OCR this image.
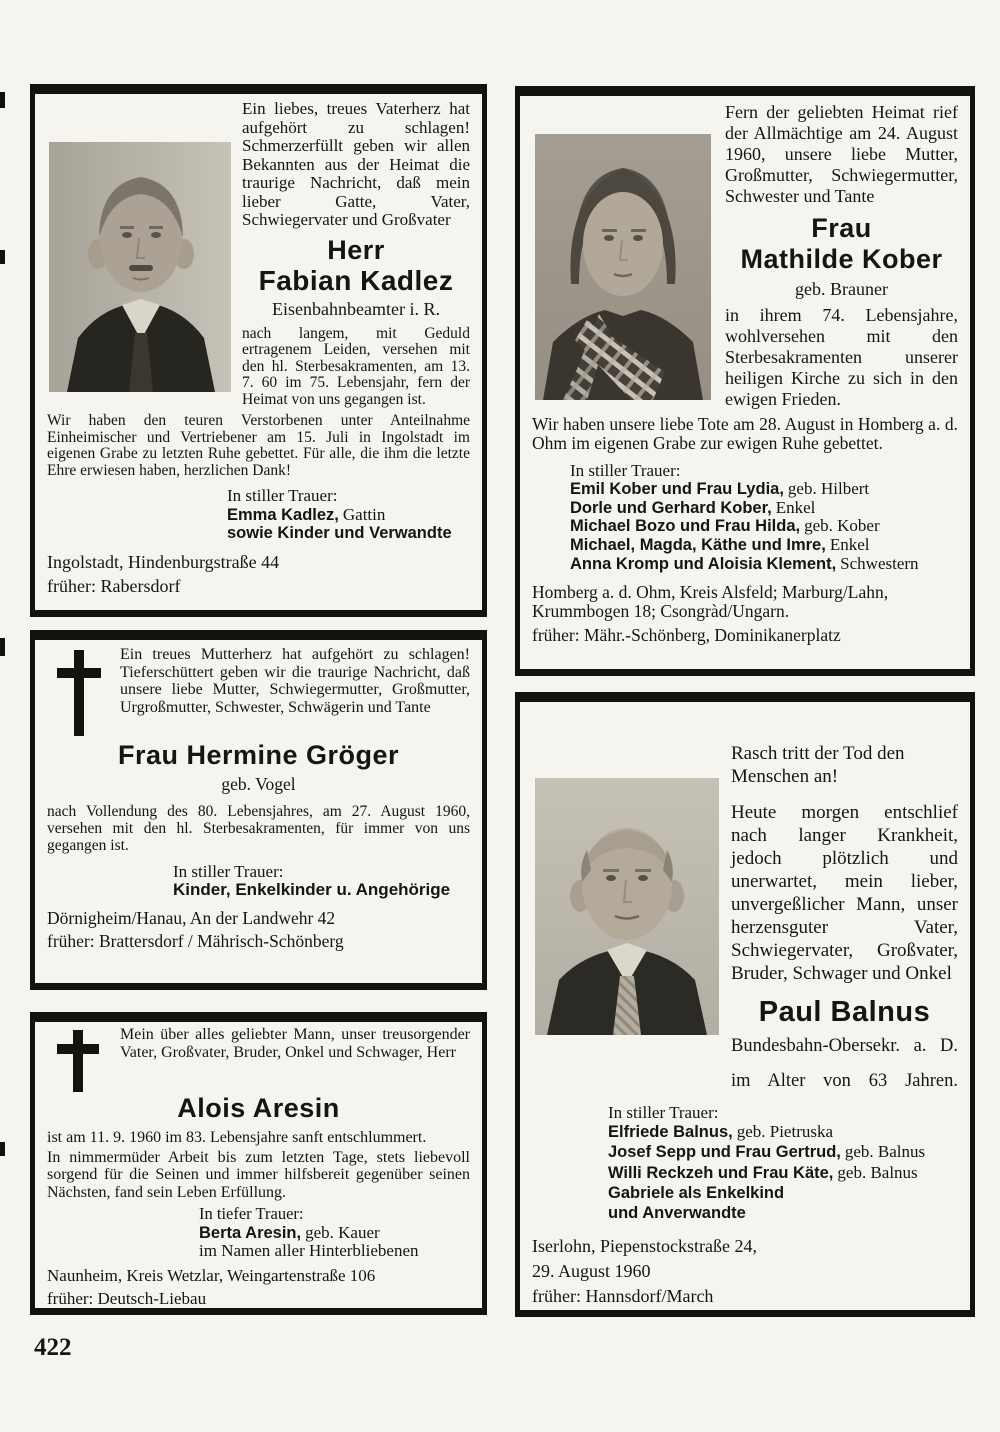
Ein liebes, treues Vaterherz hat aufgehört zu schlagen! Schmerzerfüllt geben wir allen Bekannten aus der Heimat die traurige Nachricht, daß mein lieber Gatte, Vater, Schwiegervater und Großvater

Herr
Fabian Kadlez
Eisenbahnbeamter i. R.

nach langem, mit Geduld ertragenem Leiden, versehen mit den hl. Sterbesakramenten, am 13. 7. 60 im 75. Lebensjahr, fern der Heimat von uns gegangen ist.

Wir haben den teuren Verstorbenen unter Anteilnahme Einheimischer und Vertriebener am 15. Juli in Ingolstadt im eigenen Grabe zu letzten Ruhe gebettet. Für alle, die ihm die letzte Ehre erwiesen haben, herzlichen Dank!

In stiller Trauer:
Emma Kadlez, Gattin
sowie Kinder und Verwandte
Ingolstadt, Hindenburgstraße 44
früher: Rabersdorf

Fern der geliebten Heimat rief der Allmächtige am 24. August 1960, unsere liebe Mutter, Großmutter, Schwiegermutter, Schwester und Tante

Frau
Mathilde Kober
geb. Brauner

in ihrem 74. Lebensjahre, wohlversehen mit den Sterbesakramenten unserer heiligen Kirche zu sich in den ewigen Frieden.

Wir haben unsere liebe Tote am 28. August in Homberg a. d. Ohm im eigenen Grabe zur ewigen Ruhe gebettet.

In stiller Trauer:
Emil Kober und Frau Lydia, geb. Hilbert
Dorle und Gerhard Kober, Enkel
Michael Bozo und Frau Hilda, geb. Kober
Michael, Magda, Käthe und Imre, Enkel
Anna Kromp und Aloisia Klement, Schwestern
Homberg a. d. Ohm, Kreis Alsfeld; Marburg/Lahn, Krummbogen 18; Csongràd/Ungarn.
früher: Mähr.-Schönberg, Dominikanerplatz

Ein treues Mutterherz hat aufgehört zu schlagen! Tieferschüttert geben wir die traurige Nachricht, daß unsere liebe Mutter, Schwiegermutter, Großmutter, Urgroßmutter, Schwester, Schwägerin und Tante

Frau Hermine Gröger
geb. Vogel

nach Vollendung des 80. Lebensjahres, am 27. August 1960, versehen mit den hl. Sterbesakramenten, für immer von uns gegangen ist.

In stiller Trauer:
Kinder, Enkelkinder u. Angehörige
Dörnigheim/Hanau, An der Landwehr 42
früher: Brattersdorf / Mährisch-Schönberg

Mein über alles geliebter Mann, unser treusorgender Vater, Großvater, Bruder, Onkel und Schwager, Herr

Alois Aresin

ist am 11. 9. 1960 im 83. Lebensjahre sanft entschlummert.

In nimmermüder Arbeit bis zum letzten Tage, stets liebevoll sorgend für die Seinen und immer hilfsbereit gegenüber seinen Nächsten, fand sein Leben Erfüllung.

In tiefer Trauer:
Berta Aresin, geb. Kauer
im Namen aller Hinterbliebenen
Naunheim, Kreis Wetzlar, Weingartenstraße 106
früher: Deutsch-Liebau

Rasch tritt der Tod den Menschen an!

Heute morgen entschlief nach langer Krankheit, jedoch plötzlich und unerwartet, mein lieber, unvergeßlicher Mann, unser herzensguter Vater, Schwiegervater, Großvater, Bruder, Schwager und Onkel

Paul Balnus
Bundesbahn-Obersekr. a. D.

im Alter von 63 Jahren.

In stiller Trauer:
Elfriede Balnus, geb. Pietruska
Josef Sepp und Frau Gertrud, geb. Balnus
Willi Reckzeh und Frau Käte, geb. Balnus
Gabriele als Enkelkind
und Anverwandte
Iserlohn, Piepenstockstraße 24,
29. August 1960
früher: Hannsdorf/March
422
